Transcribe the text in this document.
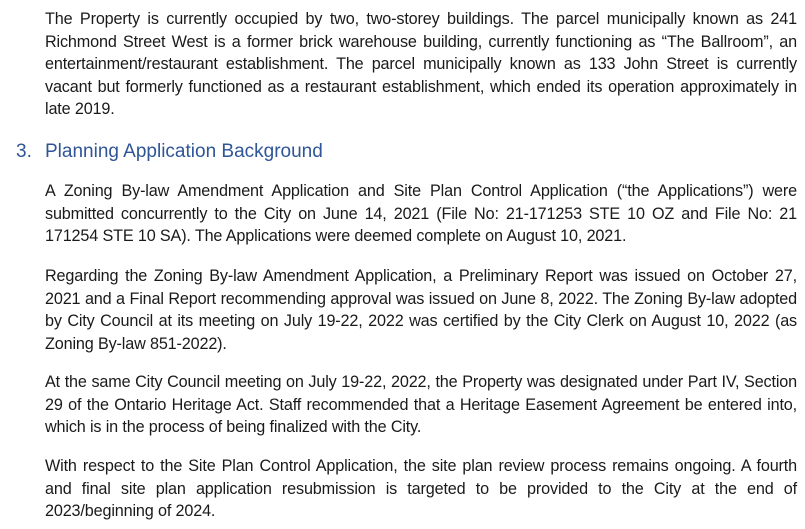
The Property is currently occupied by two, two-storey buildings. The parcel municipally known as 241 Richmond Street West is a former brick warehouse building, currently functioning as “The Ballroom”, an entertainment/restaurant establishment. The parcel municipally known as 133 John Street is currently vacant but formerly functioned as a restaurant establishment, which ended its operation approximately in late 2019.

3. Planning Application Background

A Zoning By-law Amendment Application and Site Plan Control Application (“the Applications”) were submitted concurrently to the City on June 14, 2021 (File No: 21-171253 STE 10 OZ and File No: 21 171254 STE 10 SA). The Applications were deemed complete on August 10, 2021.

Regarding the Zoning By-law Amendment Application, a Preliminary Report was issued on October 27, 2021 and a Final Report recommending approval was issued on June 8, 2022. The Zoning By-law adopted by City Council at its meeting on July 19-22, 2022 was certified by the City Clerk on August 10, 2022 (as Zoning By-law 851-2022).

At the same City Council meeting on July 19-22, 2022, the Property was designated under Part IV, Section 29 of the Ontario Heritage Act. Staff recommended that a Heritage Easement Agreement be entered into, which is in the process of being finalized with the City.

With respect to the Site Plan Control Application, the site plan review process remains ongoing. A fourth and final site plan application resubmission is targeted to be provided to the City at the end of 2023/beginning of 2024.
